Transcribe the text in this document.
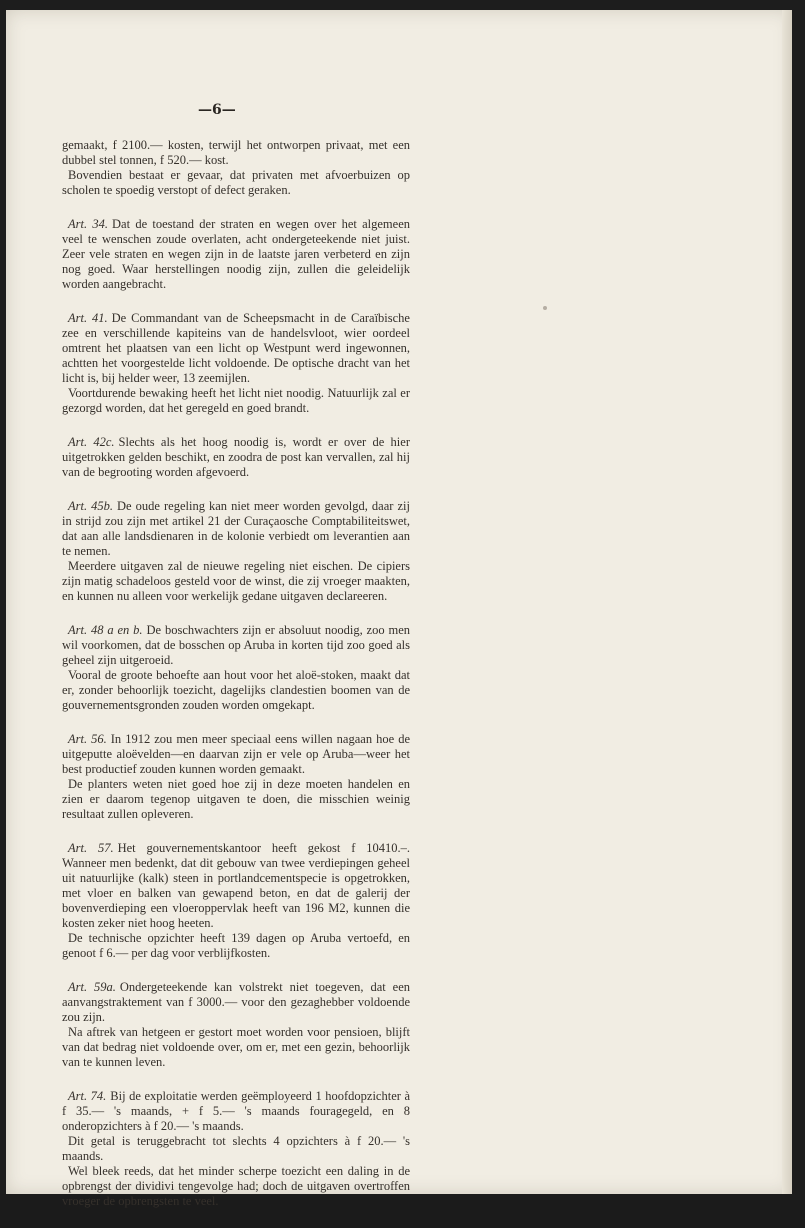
—6—

gemaakt, f 2100.— kosten, terwijl het ontworpen privaat, met een dubbel stel tonnen, f 520.— kost.

Bovendien bestaat er gevaar, dat privaten met afvoerbuizen op scholen te spoedig verstopt of defect geraken.

Art. 34. Dat de toestand der straten en wegen over het algemeen veel te wenschen zoude overlaten, acht ondergeteekende niet juist. Zeer vele straten en wegen zijn in de laatste jaren verbeterd en zijn nog goed. Waar herstellingen noodig zijn, zullen die geleidelijk worden aangebracht.

Art. 41. De Commandant van de Scheepsmacht in de Caraïbische zee en verschillende kapiteins van de handelsvloot, wier oordeel omtrent het plaatsen van een licht op Westpunt werd ingewonnen, achtten het voorgestelde licht voldoende. De optische dracht van het licht is, bij helder weer, 13 zeemijlen.

Voortdurende bewaking heeft het licht niet noodig. Natuurlijk zal er gezorgd worden, dat het geregeld en goed brandt.

Art. 42c. Slechts als het hoog noodig is, wordt er over de hier uitgetrokken gelden beschikt, en zoodra de post kan vervallen, zal hij van de begrooting worden afgevoerd.

Art. 45b. De oude regeling kan niet meer worden gevolgd, daar zij in strijd zou zijn met artikel 21 der Curaçaosche Comptabiliteitswet, dat aan alle landsdienaren in de kolonie verbiedt om leverantien aan te nemen.

Meerdere uitgaven zal de nieuwe regeling niet eischen. De cipiers zijn matig schadeloos gesteld voor de winst, die zij vroeger maakten, en kunnen nu alleen voor werkelijk gedane uitgaven declareeren.

Art. 48 a en b. De boschwachters zijn er absoluut noodig, zoo men wil voorkomen, dat de bosschen op Aruba in korten tijd zoo goed als geheel zijn uitgeroeid.

Vooral de groote behoefte aan hout voor het aloë-stoken, maakt dat er, zonder behoorlijk toezicht, dagelijks clandestien boomen van de gouvernementsgronden zouden worden omgekapt.

Art. 56. In 1912 zou men meer speciaal eens willen nagaan hoe de uitgeputte aloëvelden—en daarvan zijn er vele op Aruba—weer het best productief zouden kunnen worden gemaakt.

De planters weten niet goed hoe zij in deze moeten handelen en zien er daarom tegenop uitgaven te doen, die misschien weinig resultaat zullen opleveren.

Art. 57. Het gouvernementskantoor heeft gekost f 10410.–. Wanneer men bedenkt, dat dit gebouw van twee verdiepingen geheel uit natuurlijke (kalk) steen in portlandcementspecie is opgetrokken, met vloer en balken van gewapend beton, en dat de galerij der bovenverdieping een vloeroppervlak heeft van 196 M2, kunnen die kosten zeker niet hoog heeten.

De technische opzichter heeft 139 dagen op Aruba vertoefd, en genoot f 6.— per dag voor verblijfkosten.

Art. 59a. Ondergeteekende kan volstrekt niet toegeven, dat een aanvangstraktement van f 3000.— voor den gezaghebber voldoende zou zijn.

Na aftrek van hetgeen er gestort moet worden voor pensioen, blijft van dat bedrag niet voldoende over, om er, met een gezin, behoorlijk van te kunnen leven.

Art. 74. Bij de exploitatie werden geëmployeerd 1 hoofdopzichter à f 35.— 's maands, + f 5.— 's maands fouragegeld, en 8 onderopzichters à f 20.— 's maands.

Dit getal is teruggebracht tot slechts 4 opzichters à f 20.— 's maands.

Wel bleek reeds, dat het minder scherpe toezicht een daling in de opbrengst der dividivi tengevolge had; doch de uitgaven overtroffen vroeger de opbrengsten te veel.
